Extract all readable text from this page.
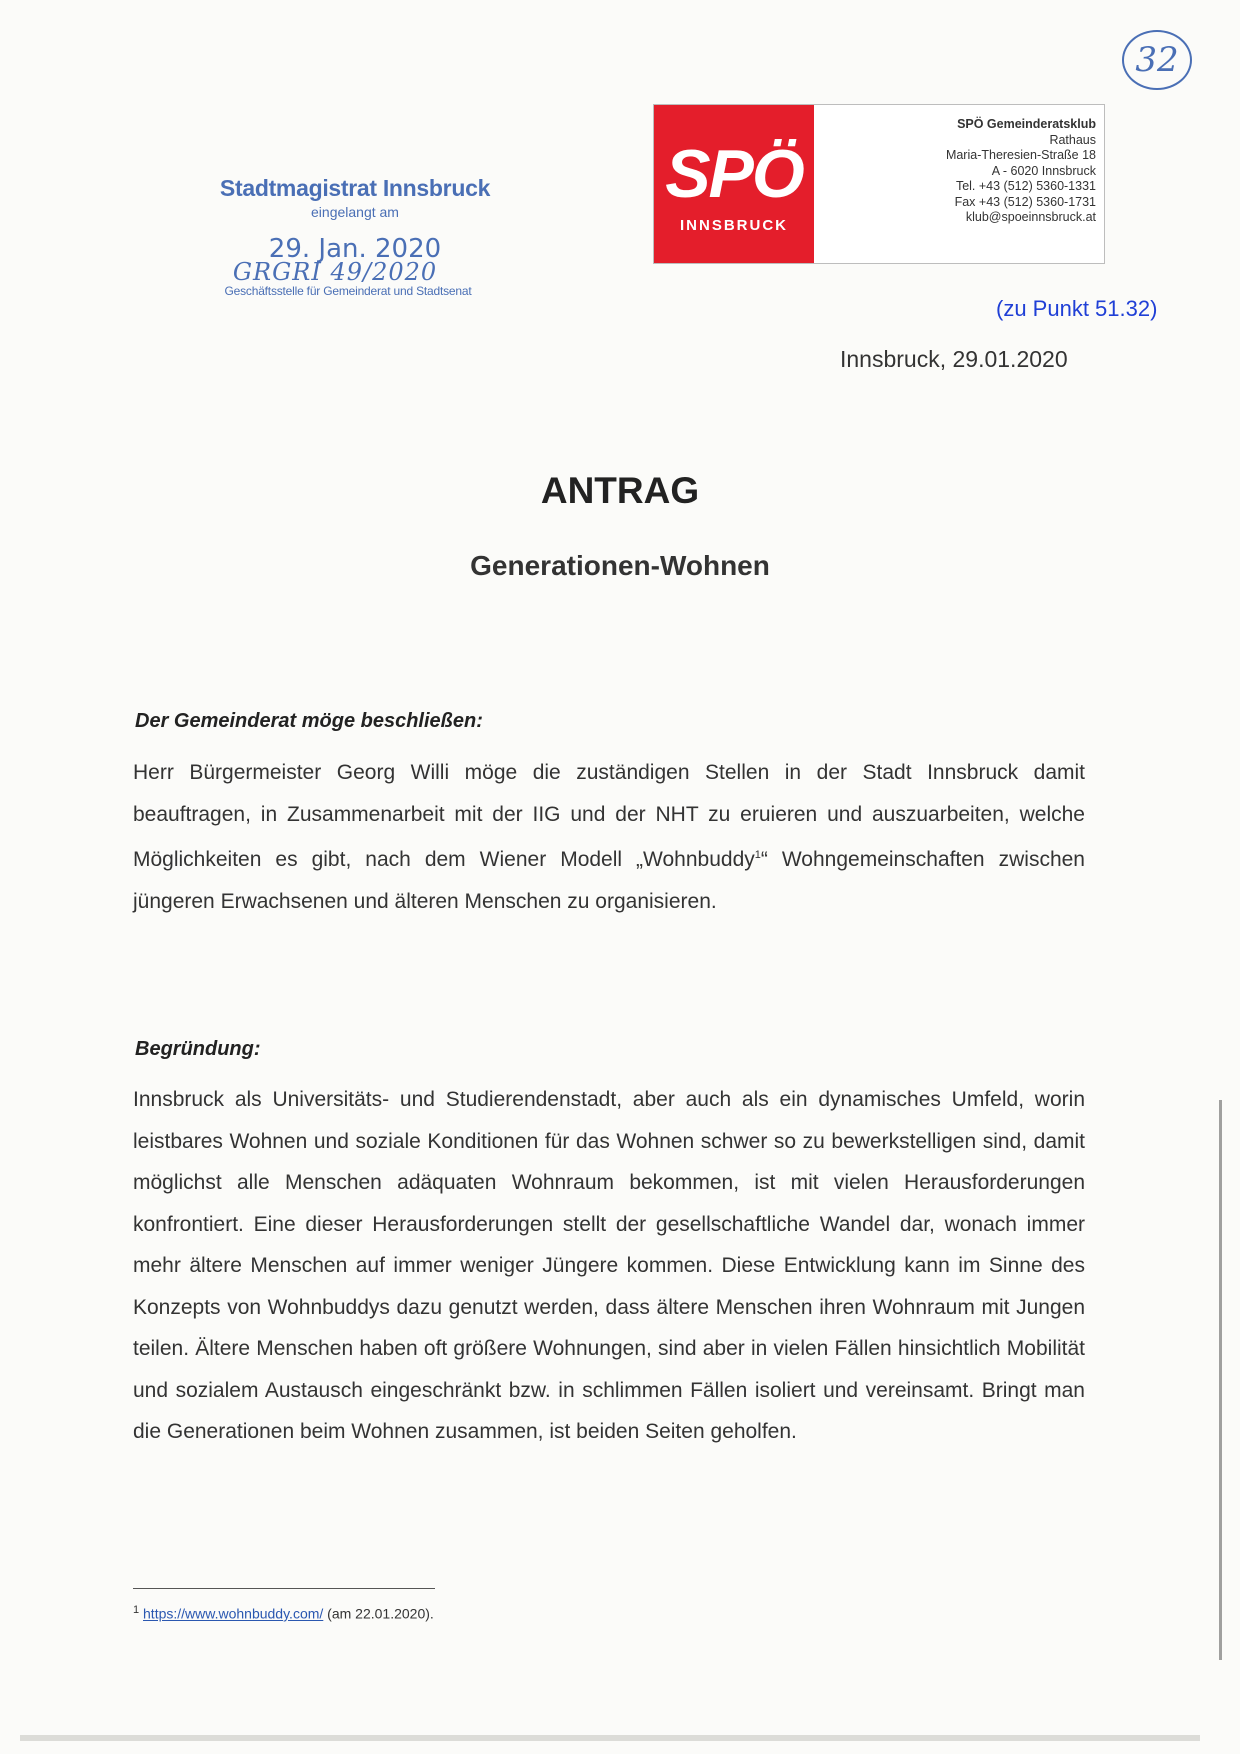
32
Stadtmagistrat Innsbruck
eingelangt am
29. Jan. 2020
GRGRI 49/2020
Geschäftsstelle für Gemeinderat und Stadtsenat
SPÖ
INNSBRUCK
SPÖ Gemeinderatsklub
Rathaus
Maria-Theresien-Straße 18
A - 6020 Innsbruck
Tel. +43 (512) 5360-1331
Fax +43 (512) 5360-1731
klub@spoeinnsbruck.at
(zu Punkt 51.32)
Innsbruck, 29.01.2020
ANTRAG
Generationen-Wohnen
Der Gemeinderat möge beschließen:
Herr Bürgermeister Georg Willi möge die zuständigen Stellen in der Stadt Innsbruck damit beauftragen, in Zusammenarbeit mit der IIG und der NHT zu eruieren und auszuarbeiten, welche Möglichkeiten es gibt, nach dem Wiener Modell „Wohnbuddy$^1$“ Wohngemeinschaften zwischen jüngeren Erwachsenen und älteren Menschen zu organisieren.
Begründung:
Innsbruck als Universitäts- und Studierendenstadt, aber auch als ein dynamisches Umfeld, worin leistbares Wohnen und soziale Konditionen für das Wohnen schwer so zu bewerkstelligen sind, damit möglichst alle Menschen adäquaten Wohnraum bekommen, ist mit vielen Herausforderungen konfrontiert. Eine dieser Herausforderungen stellt der gesellschaftliche Wandel dar, wonach immer mehr ältere Menschen auf immer weniger Jüngere kommen. Diese Entwicklung kann im Sinne des Konzepts von Wohnbuddys dazu genutzt werden, dass ältere Menschen ihren Wohnraum mit Jungen teilen. Ältere Menschen haben oft größere Wohnungen, sind aber in vielen Fällen hinsichtlich Mobilität und sozialem Austausch eingeschränkt bzw. in schlimmen Fällen isoliert und vereinsamt. Bringt man die Generationen beim Wohnen zusammen, ist beiden Seiten geholfen.
$^1$ https://www.wohnbuddy.com/ (am 22.01.2020).
